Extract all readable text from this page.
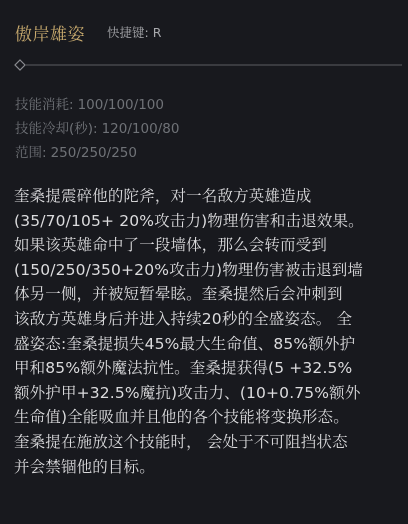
傲岸雄姿 快捷键: R
技能消耗: 100/100/100
技能冷却(秒): 120/100/80
范围: 250/250/250
奎桑提震碎他的陀斧，对一名敌方英雄造成
(35/70/105+ 20%攻击力)物理伤害和击退效果。
如果该英雄命中了一段墙体，那么会转而受到
(150/250/350+20%攻击力)物理伤害被击退到墙
体另一侧，并被短暂晕眩。奎桑提然后会冲刺到
该敌方英雄身后并进入持续20秒的全盛姿态。 全
盛姿态:奎桑提损失45%最大生命值、85%额外护
甲和85%额外魔法抗性。奎桑提获得(5 +32.5%
额外护甲+32.5%魔抗)攻击力、(10+0.75%额外
生命值)全能吸血并且他的各个技能将变换形态。
奎桑提在施放这个技能时， 会处于不可阻挡状态
并会禁锢他的目标。
